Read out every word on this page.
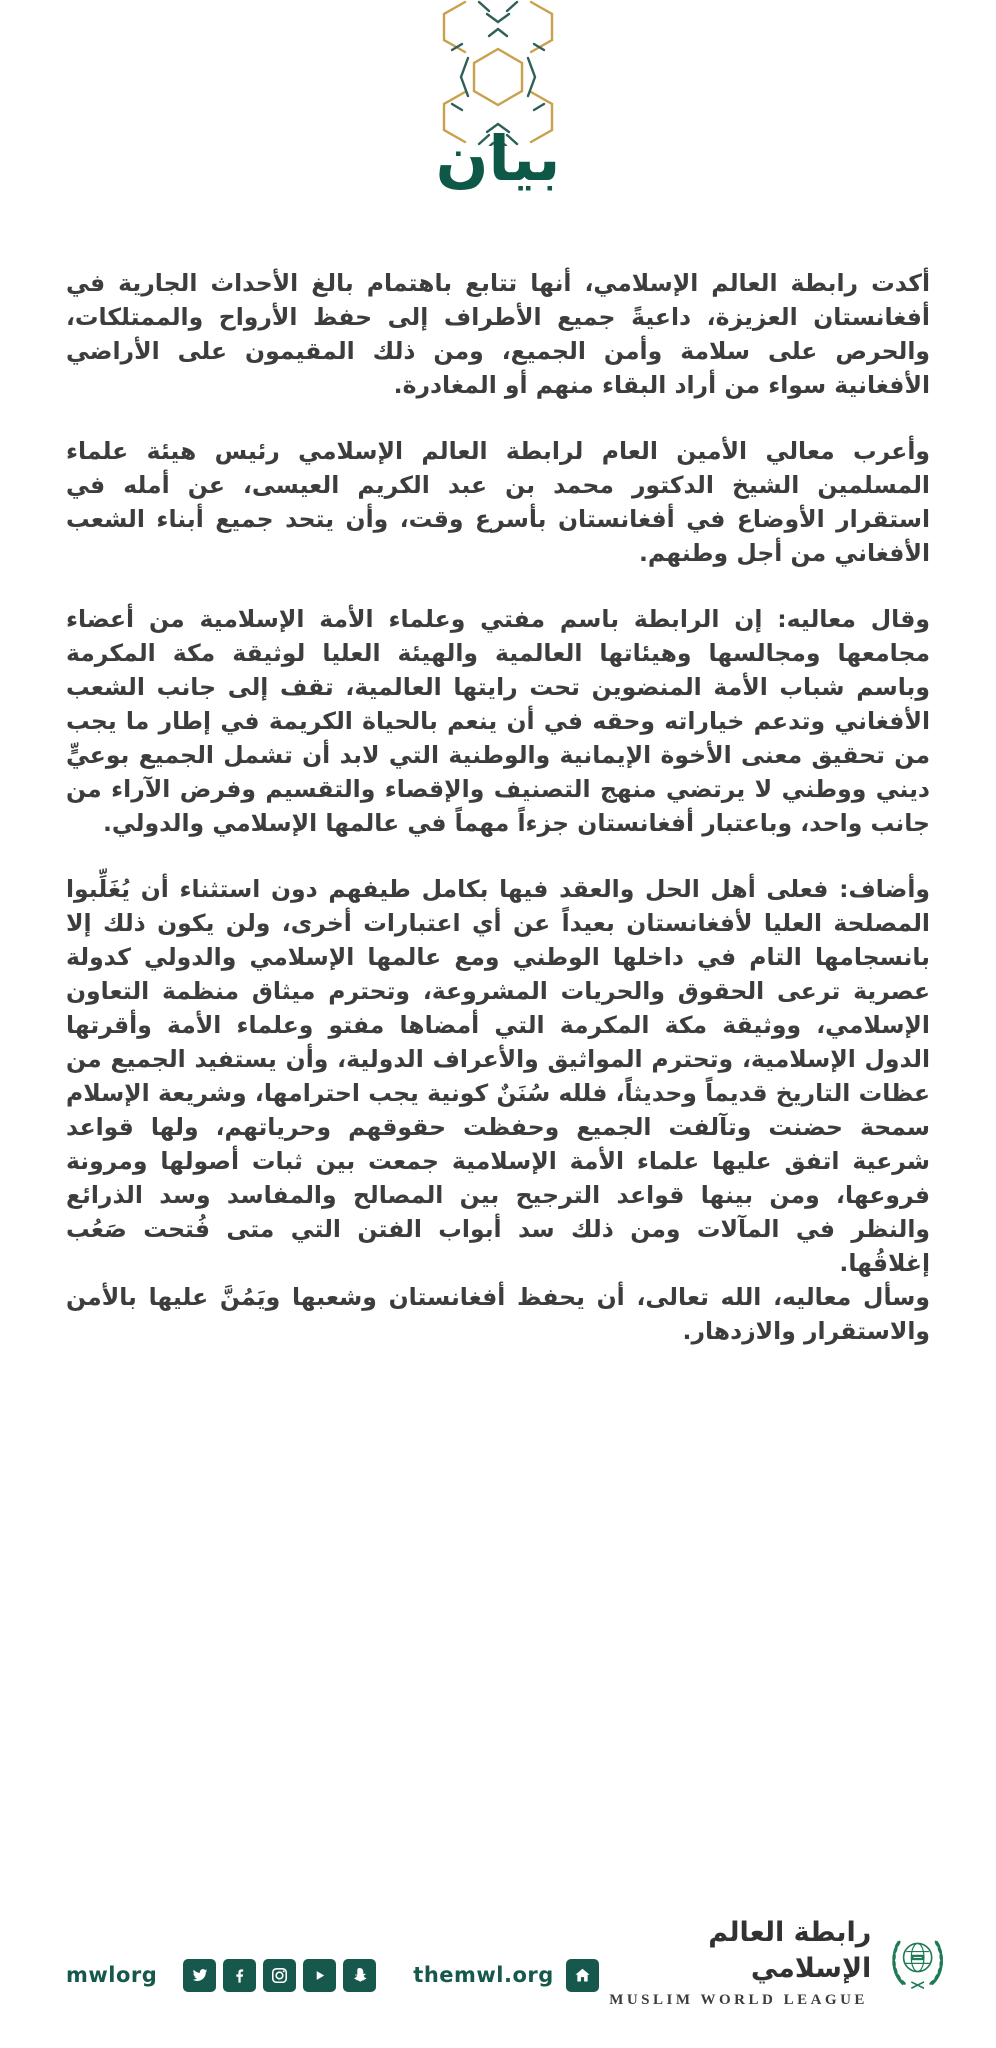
بيان

أكدت رابطة العالم الإسلامي، أنها تتابع باهتمام بالغ الأحداث الجارية في أفغانستان العزيزة، داعيةً جميع الأطراف إلى حفظ الأرواح والممتلكات، والحرص على سلامة وأمن الجميع، ومن ذلك المقيمون على الأراضي الأفغانية سواء من أراد البقاء منهم أو المغادرة.

وأعرب معالي الأمين العام لرابطة العالم الإسلامي رئيس هيئة علماء المسلمين الشيخ الدكتور محمد بن عبد الكريم العيسى، عن أمله في استقرار الأوضاع في أفغانستان بأسرع وقت، وأن يتحد جميع أبناء الشعب الأفغاني من أجل وطنهم.

وقال معاليه: إن الرابطة باسم مفتي وعلماء الأمة الإسلامية من أعضاء مجامعها ومجالسها وهيئاتها العالمية والهيئة العليا لوثيقة مكة المكرمة وباسم شباب الأمة المنضوين تحت رايتها العالمية، تقف إلى جانب الشعب الأفغاني وتدعم خياراته وحقه في أن ينعم بالحياة الكريمة في إطار ما يجب من تحقيق معنى الأخوة الإيمانية والوطنية التي لابد أن تشمل الجميع بوعيٍّ ديني ووطني لا يرتضي منهج التصنيف والإقصاء والتقسيم وفرض الآراء من جانب واحد، وباعتبار أفغانستان جزءاً مهماً في عالمها الإسلامي والدولي.

وأضاف: فعلى أهل الحل والعقد فيها بكامل طيفهم دون استثناء أن يُغَلِّبوا المصلحة العليا لأفغانستان بعيداً عن أي اعتبارات أخرى، ولن يكون ذلك إلا بانسجامها التام في داخلها الوطني ومع عالمها الإسلامي والدولي كدولة عصرية ترعى الحقوق والحريات المشروعة، وتحترم ميثاق منظمة التعاون الإسلامي، ووثيقة مكة المكرمة التي أمضاها مفتو وعلماء الأمة وأقرتها الدول الإسلامية، وتحترم المواثيق والأعراف الدولية، وأن يستفيد الجميع من عظات التاريخ قديماً وحديثاً، فلله سُنَنٌ كونية يجب احترامها، وشريعة الإسلام سمحة حضنت وتآلفت الجميع وحفظت حقوقهم وحرياتهم، ولها قواعد شرعية اتفق عليها علماء الأمة الإسلامية جمعت بين ثبات أصولها ومرونة فروعها، ومن بينها قواعد الترجيح بين المصالح والمفاسد وسد الذرائع والنظر في المآلات ومن ذلك سد أبواب الفتن التي متى فُتحت صَعُب إغلاقُها.

وسأل معاليه، الله تعالى، أن يحفظ أفغانستان وشعبها ويَمُنَّ عليها بالأمن والاستقرار والازدهار.

mwlorg	themwl.org
رابطة العالم الإسلامي
MUSLIM WORLD LEAGUE
